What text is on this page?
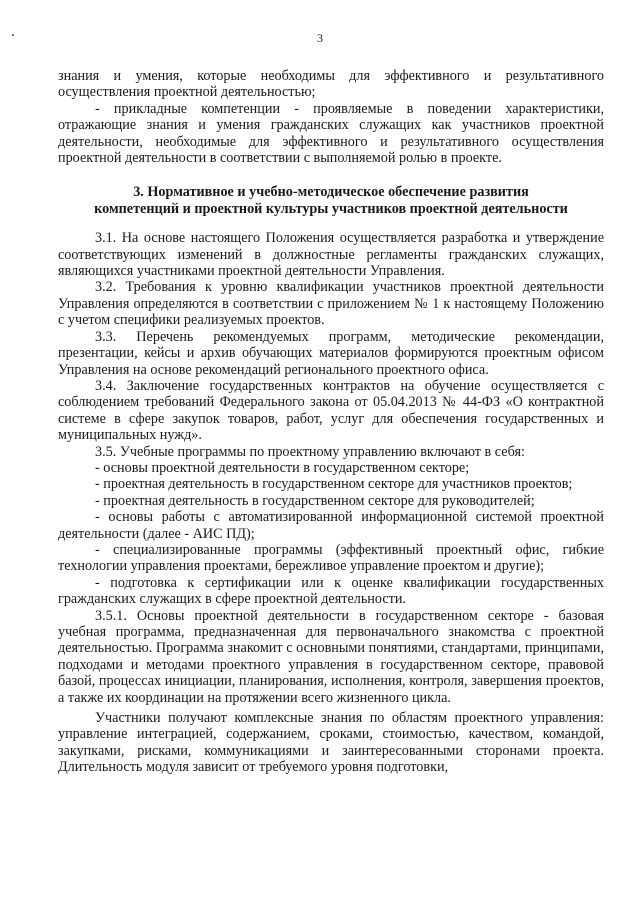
3

знания и умения, которые необходимы для эффективного и результативного осуществления проектной деятельностью;

- прикладные компетенции - проявляемые в поведении характеристики, отражающие знания и умения гражданских служащих как участников проектной деятельности, необходимые для эффективного и результативного осуществления проектной деятельности в соответствии с выполняемой ролью в проекте.

3. Нормативное и учебно-методическое обеспечение развития
компетенций и проектной культуры участников проектной деятельности

3.1. На основе настоящего Положения осуществляется разработка и утверждение соответствующих изменений в должностные регламенты гражданских служащих, являющихся участниками проектной деятельности Управления.

3.2. Требования к уровню квалификации участников проектной деятельности Управления определяются в соответствии с приложением № 1 к настоящему Положению с учетом специфики реализуемых проектов.

3.3. Перечень рекомендуемых программ, методические рекомендации, презентации, кейсы и архив обучающих материалов формируются проектным офисом Управления на основе рекомендаций регионального проектного офиса.

3.4. Заключение государственных контрактов на обучение осуществляется с соблюдением требований Федерального закона от 05.04.2013 № 44-ФЗ «О контрактной системе в сфере закупок товаров, работ, услуг для обеспечения государственных и муниципальных нужд».

3.5. Учебные программы по проектному управлению включают в себя:

- основы проектной деятельности в государственном секторе;

- проектная деятельность в государственном секторе для участников проектов;

- проектная деятельность в государственном секторе для руководителей;

- основы работы с автоматизированной информационной системой проектной деятельности (далее - АИС ПД);

- специализированные программы (эффективный проектный офис, гибкие технологии управления проектами, бережливое управление проектом и другие);

- подготовка к сертификации или к оценке квалификации государственных гражданских служащих в сфере проектной деятельности.

3.5.1. Основы проектной деятельности в государственном секторе - базовая учебная программа, предназначенная для первоначального знакомства с проектной деятельностью. Программа знакомит с основными понятиями, стандартами, принципами, подходами и методами проектного управления в государственном секторе, правовой базой, процессах инициации, планирования, исполнения, контроля, завершения проектов, а также их координации на протяжении всего жизненного цикла.

Участники получают комплексные знания по областям проектного управления: управление интеграцией, содержанием, сроками, стоимостью, качеством, командой, закупками, рисками, коммуникациями и заинтересованными сторонами проекта. Длительность модуля зависит от требуемого уровня подготовки,
